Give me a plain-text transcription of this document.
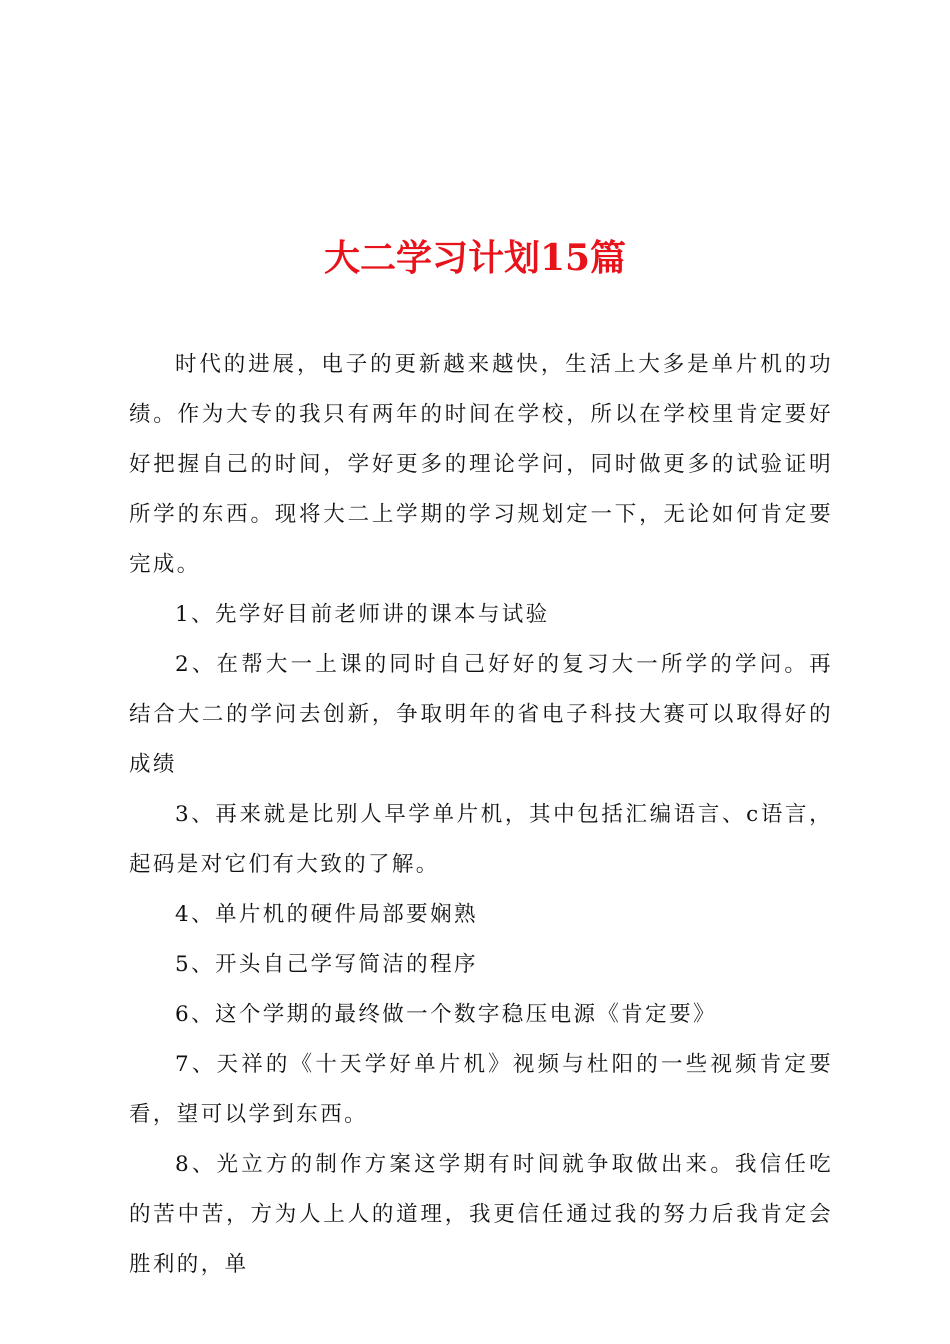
大二学习计划15篇

时代的进展，电子的更新越来越快，生活上大多是单片机的功绩。作为大专的我只有两年的时间在学校，所以在学校里肯定要好好把握自己的时间，学好更多的理论学问，同时做更多的试验证明所学的东西。现将大二上学期的学习规划定一下，无论如何肯定要完成。

1、先学好目前老师讲的课本与试验

2、在帮大一上课的同时自己好好的复习大一所学的学问。再结合大二的学问去创新，争取明年的省电子科技大赛可以取得好的成绩

3、再来就是比别人早学单片机，其中包括汇编语言、c语言，起码是对它们有大致的了解。

4、单片机的硬件局部要娴熟

5、开头自己学写简洁的程序

6、这个学期的最终做一个数字稳压电源《肯定要》

7、天祥的《十天学好单片机》视频与杜阳的一些视频肯定要看，望可以学到东西。

8、光立方的制作方案这学期有时间就争取做出来。我信任吃的苦中苦，方为人上人的道理，我更信任通过我的努力后我肯定会胜利的，单
